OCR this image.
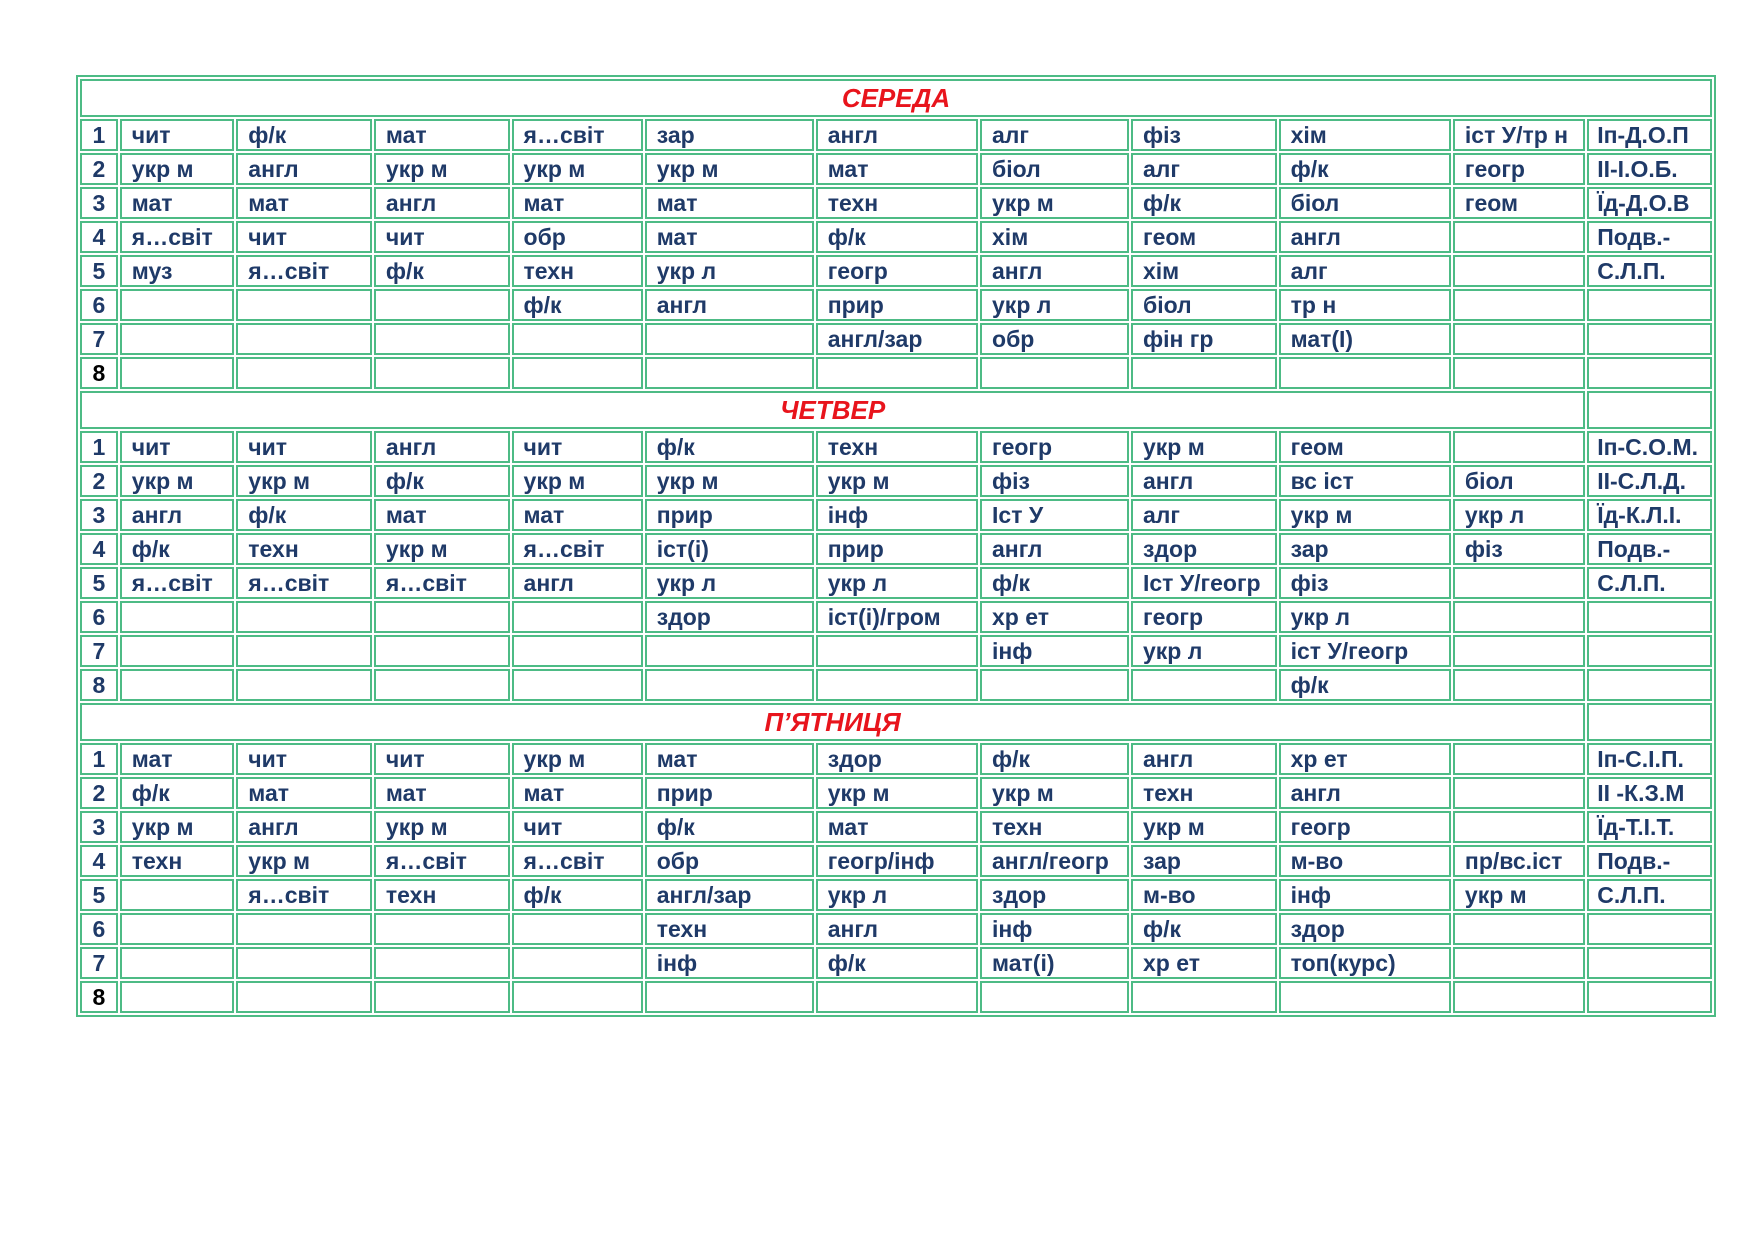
СЕРЕДА											
1	чит	ф/к	мат	я…світ	зар	англ	алг	фіз	хім	іст У/тр н	Іп-Д.О.П
2	укр м	англ	укр м	укр м	укр м	мат	біол	алг	ф/к	геогр	ІІ-І.О.Б.
3	мат	мат	англ	мат	мат	техн	укр м	ф/к	біол	геом	Їд-Д.О.В
4	я…світ	чит	чит	обр	мат	ф/к	хім	геом	англ		Подв.-
5	муз	я…світ	ф/к	техн	укр л	геогр	англ	хім	алг		С.Л.П.
6				ф/к	англ	прир	укр л	біол	тр н		
7						англ/зар	обр	фін гр	мат(І)		
8											
ЧЕТВЕР											
1	чит	чит	англ	чит	ф/к	техн	геогр	укр м	геом		Іп-С.О.М.
2	укр м	укр м	ф/к	укр м	укр м	укр м	фіз	англ	вс іст	біол	ІІ-С.Л.Д.
3	англ	ф/к	мат	мат	прир	інф	Іст У	алг	укр м	укр л	Їд-К.Л.І.
4	ф/к	техн	укр м	я…світ	іст(і)	прир	англ	здор	зар	фіз	Подв.-
5	я…світ	я…світ	я…світ	англ	укр л	укр л	ф/к	Іст У/геогр	фіз		С.Л.П.
6					здор	іст(і)/гром	хр ет	геогр	укр л		
7							інф	укр л	іст У/геогр		
8									ф/к		
П’ЯТНИЦЯ											
1	мат	чит	чит	укр м	мат	здор	ф/к	англ	хр ет		Іп-С.І.П.
2	ф/к	мат	мат	мат	прир	укр м	укр м	техн	англ		ІІ -К.З.М
3	укр м	англ	укр м	чит	ф/к	мат	техн	укр м	геогр		Їд-Т.І.Т.
4	техн	укр м	я…світ	я…світ	обр	геогр/інф	англ/геогр	зар	м-во	пр/вс.іст	Подв.-
5		я…світ	техн	ф/к	англ/зар	укр л	здор	м-во	інф	укр м	С.Л.П.
6					техн	англ	інф	ф/к	здор		
7					інф	ф/к	мат(і)	хр ет	топ(курс)		
8											
